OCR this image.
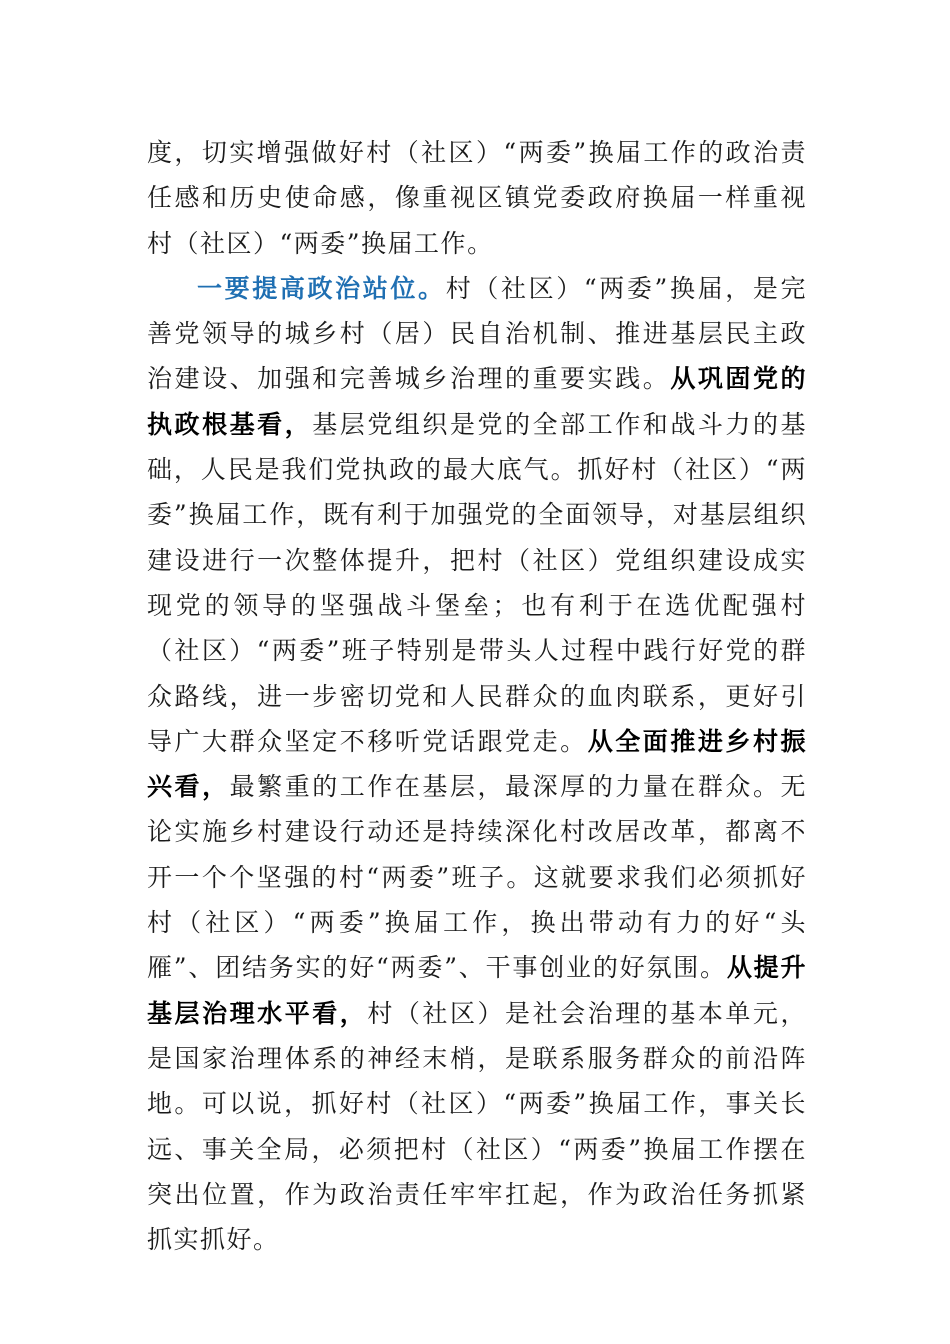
度，切实增强做好村（社区）“两委”换届工作的政治责任感和历史使命感，像重视区镇党委政府换届一样重视村（社区）“两委”换届工作。

一要提高政治站位。村（社区）“两委”换届，是完善党领导的城乡村（居）民自治机制、推进基层民主政治建设、加强和完善城乡治理的重要实践。从巩固党的执政根基看，基层党组织是党的全部工作和战斗力的基础，人民是我们党执政的最大底气。抓好村（社区）“两委”换届工作，既有利于加强党的全面领导，对基层组织建设进行一次整体提升，把村（社区）党组织建设成实现党的领导的坚强战斗堡垒；也有利于在选优配强村（社区）“两委”班子特别是带头人过程中践行好党的群众路线，进一步密切党和人民群众的血肉联系，更好引导广大群众坚定不移听党话跟党走。从全面推进乡村振兴看，最繁重的工作在基层，最深厚的力量在群众。无论实施乡村建设行动还是持续深化村改居改革，都离不开一个个坚强的村“两委”班子。这就要求我们必须抓好村（社区）“两委”换届工作，换出带动有力的好“头雁”、团结务实的好“两委”、干事创业的好氛围。从提升基层治理水平看，村（社区）是社会治理的基本单元，是国家治理体系的神经末梢，是联系服务群众的前沿阵地。可以说，抓好村（社区）“两委”换届工作，事关长远、事关全局，必须把村（社区）“两委”换届工作摆在突出位置，作为政治责任牢牢扛起，作为政治任务抓紧抓实抓好。
